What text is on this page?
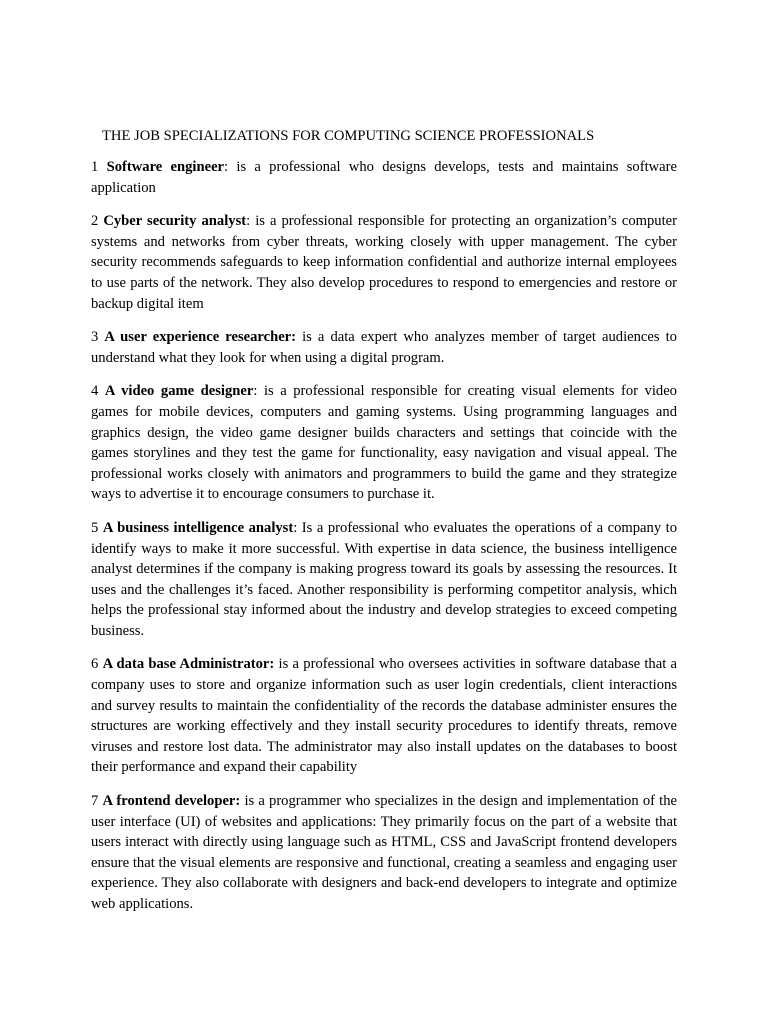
THE JOB SPECIALIZATIONS FOR COMPUTING SCIENCE PROFESSIONALS

1 Software engineer: is a professional who designs develops, tests and maintains software application

2 Cyber security analyst: is a professional responsible for protecting an organization’s computer systems and networks from cyber threats, working closely with upper management. The cyber security recommends safeguards to keep information confidential and authorize internal employees to use parts of the network. They also develop procedures to respond to emergencies and restore or backup digital item

3 A user experience researcher: is a data expert who analyzes member of target audiences to understand what they look for when using a digital program.

4 A video game designer: is a professional responsible for creating visual elements for video games for mobile devices, computers and gaming systems. Using programming languages and graphics design, the video game designer builds characters and settings that coincide with the games storylines and they test the game for functionality, easy navigation and visual appeal. The professional works closely with animators and programmers to build the game and they strategize ways to advertise it to encourage consumers to purchase it.

5 A business intelligence analyst: Is a professional who evaluates the operations of a company to identify ways to make it more successful. With expertise in data science, the business intelligence analyst determines if the company is making progress toward its goals by assessing the resources. It uses and the challenges it’s faced. Another responsibility is performing competitor analysis, which helps the professional stay informed about the industry and develop strategies to exceed competing business.

6 A data base Administrator: is a professional who oversees activities in software database that a company uses to store and organize information such as user login credentials, client interactions and survey results to maintain the confidentiality of the records the database administer ensures the structures are working effectively and they install security procedures to identify threats, remove viruses and restore lost data. The administrator may also install updates on the databases to boost their performance and expand their capability

7 A frontend developer: is a programmer who specializes in the design and implementation of the user interface (UI) of websites and applications: They primarily focus on the part of a website that users interact with directly using language such as HTML, CSS and JavaScript frontend developers ensure that the visual elements are responsive and functional, creating a seamless and engaging user experience. They also collaborate with designers and back-end developers to integrate and optimize web applications.
